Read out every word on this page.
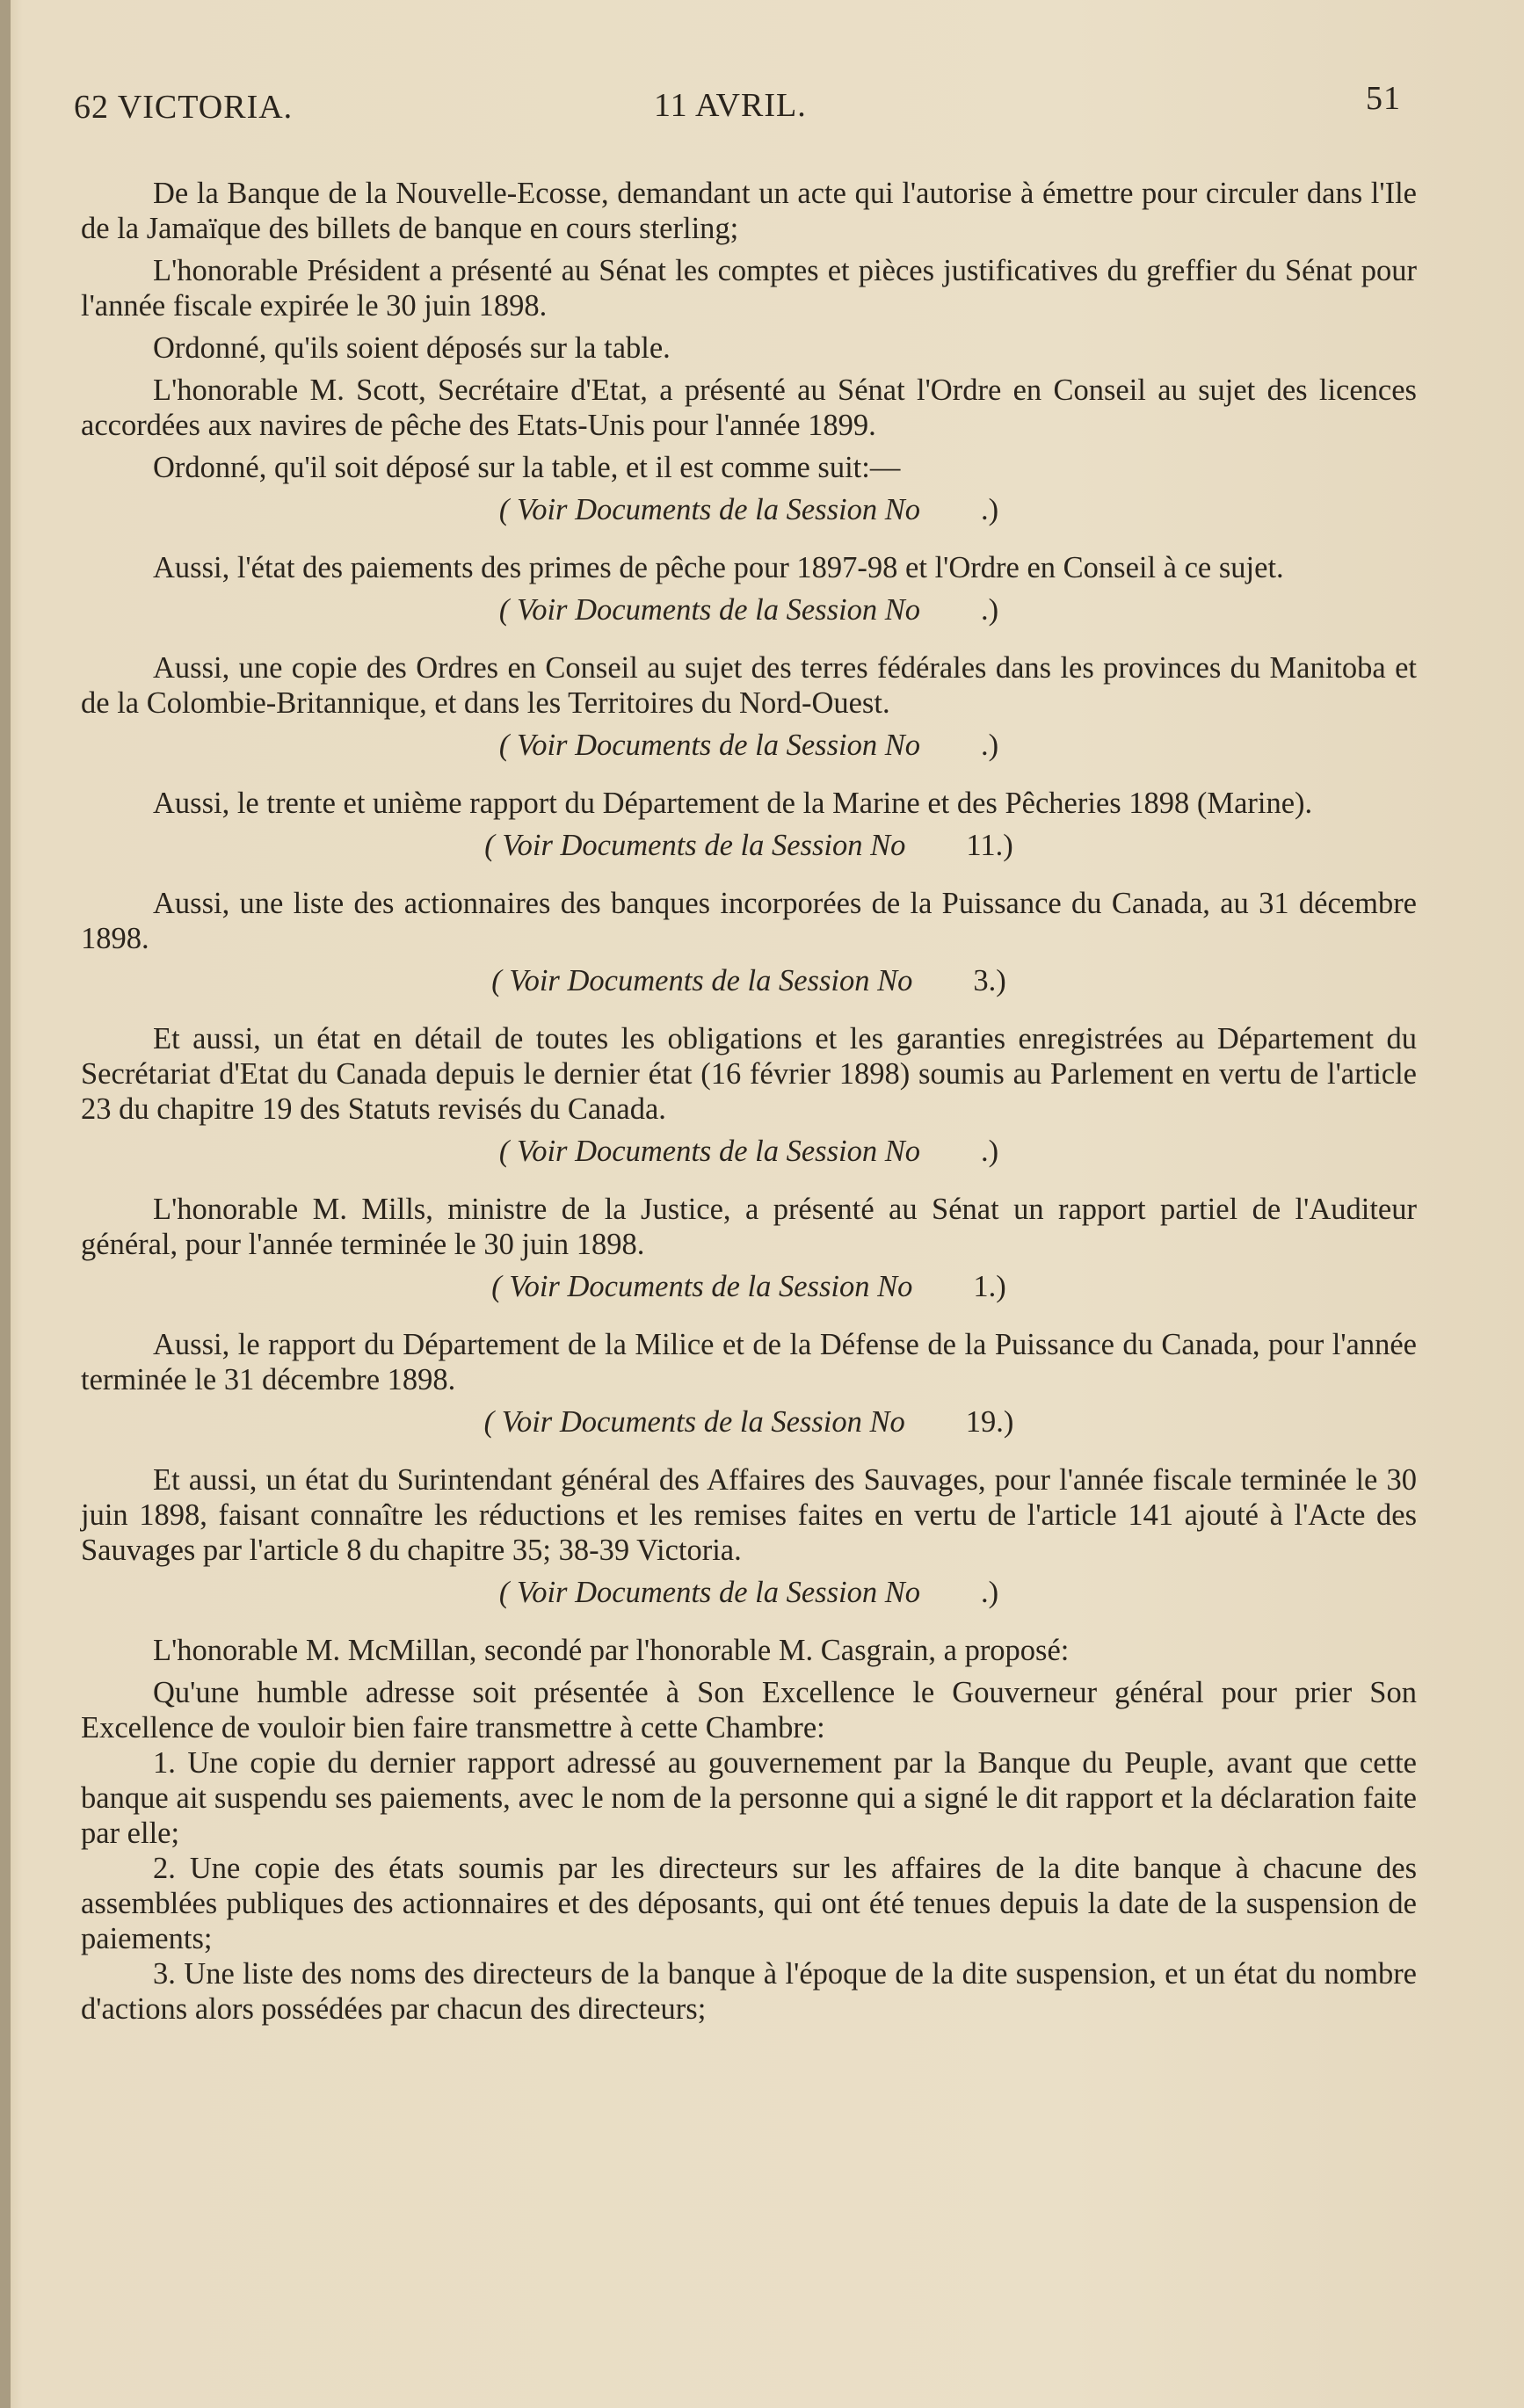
62 VICTORIA.	11 AVRIL.	51

De la Banque de la Nouvelle-Ecosse, demandant un acte qui l'autorise à émettre pour circuler dans l'Ile de la Jamaïque des billets de banque en cours sterling;

L'honorable Président a présenté au Sénat les comptes et pièces justificatives du greffier du Sénat pour l'année fiscale expirée le 30 juin 1898.

Ordonné, qu'ils soient déposés sur la table.

L'honorable M. Scott, Secrétaire d'Etat, a présenté au Sénat l'Ordre en Conseil au sujet des licences accordées aux navires de pêche des Etats-Unis pour l'année 1899.

Ordonné, qu'il soit déposé sur la table, et il est comme suit:—

( Voir Documents de la Session No   .)

Aussi, l'état des paiements des primes de pêche pour 1897-98 et l'Ordre en Conseil à ce sujet.

( Voir Documents de la Session No   .)

Aussi, une copie des Ordres en Conseil au sujet des terres fédérales dans les provinces du Manitoba et de la Colombie-Britannique, et dans les Territoires du Nord-Ouest.

( Voir Documents de la Session No   .)

Aussi, le trente et unième rapport du Département de la Marine et des Pêcheries 1898 (Marine).

( Voir Documents de la Session No   11.)

Aussi, une liste des actionnaires des banques incorporées de la Puissance du Canada, au 31 décembre 1898.

( Voir Documents de la Session No   3.)

Et aussi, un état en détail de toutes les obligations et les garanties enregistrées au Département du Secrétariat d'Etat du Canada depuis le dernier état (16 février 1898) soumis au Parlement en vertu de l'article 23 du chapitre 19 des Statuts revisés du Canada.

( Voir Documents de la Session No   .)

L'honorable M. Mills, ministre de la Justice, a présenté au Sénat un rapport partiel de l'Auditeur général, pour l'année terminée le 30 juin 1898.

( Voir Documents de la Session No   1.)

Aussi, le rapport du Département de la Milice et de la Défense de la Puissance du Canada, pour l'année terminée le 31 décembre 1898.

( Voir Documents de la Session No   19.)

Et aussi, un état du Surintendant général des Affaires des Sauvages, pour l'année fiscale terminée le 30 juin 1898, faisant connaître les réductions et les remises faites en vertu de l'article 141 ajouté à l'Acte des Sauvages par l'article 8 du chapitre 35; 38-39 Victoria.

( Voir Documents de la Session No   .)

L'honorable M. McMillan, secondé par l'honorable M. Casgrain, a proposé:

Qu'une humble adresse soit présentée à Son Excellence le Gouverneur général pour prier Son Excellence de vouloir bien faire transmettre à cette Chambre:

1. Une copie du dernier rapport adressé au gouvernement par la Banque du Peuple, avant que cette banque ait suspendu ses paiements, avec le nom de la personne qui a signé le dit rapport et la déclaration faite par elle;

2. Une copie des états soumis par les directeurs sur les affaires de la dite banque à chacune des assemblées publiques des actionnaires et des déposants, qui ont été tenues depuis la date de la suspension de paiements;

3. Une liste des noms des directeurs de la banque à l'époque de la dite suspension, et un état du nombre d'actions alors possédées par chacun des directeurs;
